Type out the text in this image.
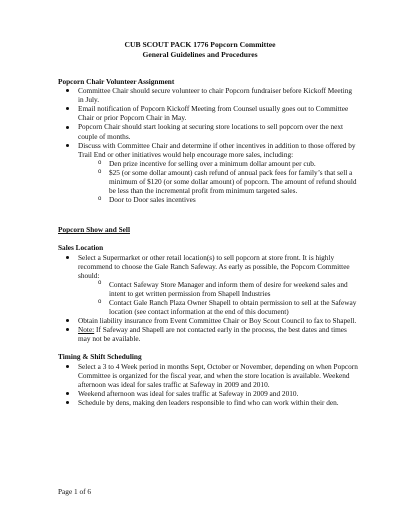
CUB SCOUT PACK 1776 Popcorn Committee
General Guidelines and Procedures

Popcorn Chair Volunteer Assignment

Committee Chair should secure volunteer to chair Popcorn fundraiser before Kickoff Meeting in July.
Email notification of Popcorn Kickoff Meeting from Counsel usually goes out to Committee Chair or prior Popcorn Chair in May.
Popcorn Chair should start looking at securing store locations to sell popcorn over the next couple of months.
Discuss with Committee Chair and determine if other incentives in addition to those offered by Trail End or other initiatives would help encourage more sales, including:
o Den prize incentive for selling over a minimum dollar amount per cub.
o $25 (or some dollar amount) cash refund of annual pack fees for family’s that sell a minimum of $120 (or some dollar amount) of popcorn. The amount of refund should be less than the incremental profit from minimum targeted sales.
o Door to Door sales incentives

Popcorn Show and Sell

Sales Location

Select a Supermarket or other retail location(s) to sell popcorn at store front. It is highly recommend to choose the Gale Ranch Safeway. As early as possible, the Popcorn Committee should:
o Contact Safeway Store Manager and inform them of desire for weekend sales and intent to get written permission from Shapell Industries
o Contact Gale Ranch Plaza Owner Shapell to obtain permission to sell at the Safeway location (see contact information at the end of this document)
Obtain liability insurance from Event Committee Chair or Boy Scout Council to fax to Shapell.
Note: If Safeway and Shapell are not contacted early in the process, the best dates and times may not be available.

Timing & Shift Scheduling

Select a 3 to 4 Week period in months Sept, October or November, depending on when Popcorn Committee is organized for the fiscal year, and when the store location is available. Weekend afternoon was ideal for sales traffic at Safeway in 2009 and 2010.
Weekend afternoon was ideal for sales traffic at Safeway in 2009 and 2010.
Schedule by dens, making den leaders responsible to find who can work within their den.
Page 1 of 6
